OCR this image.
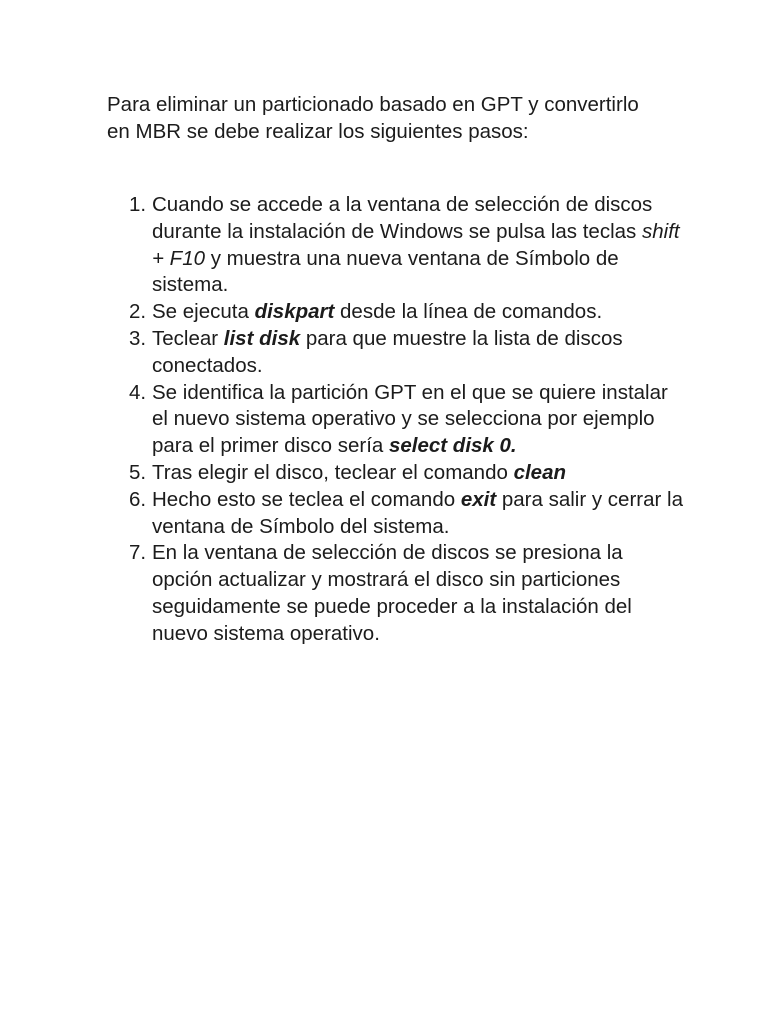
Para eliminar un particionado basado en GPT y convertirlo en MBR se debe realizar los siguientes pasos:

1. Cuando se accede a la ventana de selección de discos durante la instalación de Windows se pulsa las teclas shift + F10 y muestra una nueva ventana de Símbolo de sistema.
2. Se ejecuta diskpart desde la línea de comandos.
3. Teclear list disk para que muestre la lista de discos conectados.
4. Se identifica la partición GPT en el que se quiere instalar el nuevo sistema operativo y se selecciona por ejemplo para el primer disco sería select disk 0.
5. Tras elegir el disco, teclear el comando clean
6. Hecho esto se teclea el comando exit para salir y cerrar la ventana de Símbolo del sistema.
7. En la ventana de selección de discos se presiona la opción actualizar y mostrará el disco sin particiones seguidamente se puede proceder a la instalación del nuevo sistema operativo.
